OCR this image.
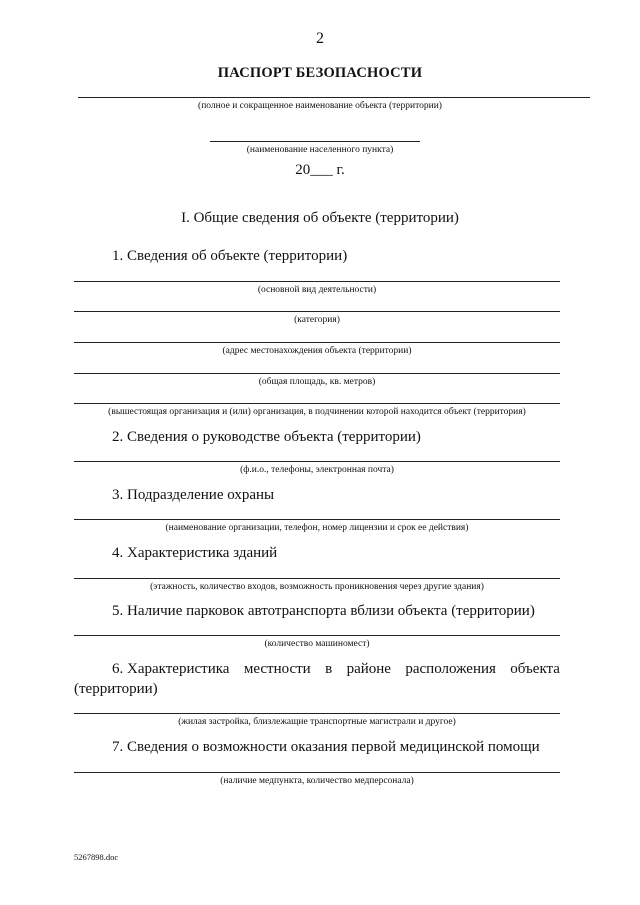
2
ПАСПОРТ БЕЗОПАСНОСТИ
(полное и сокращенное наименование объекта (территории)
(наименование населенного пункта)
20___ г.
I. Общие сведения об объекте (территории)
1. Сведения об объекте (территории)
(основной вид деятельности)
(категория)
(адрес местонахождения объекта (территории)
(общая площадь, кв. метров)
(вышестоящая организация и (или) организация, в подчинении которой находится объект (территория)
2. Сведения о руководстве объекта (территории)
(ф.и.о., телефоны, электронная почта)
3. Подразделение охраны
(наименование организации, телефон, номер лицензии и срок ее действия)
4. Характеристика зданий
(этажность, количество входов, возможность проникновения через другие здания)
5. Наличие парковок автотранспорта вблизи объекта (территории)
(количество машиномест)
6. Характеристика местности в районе расположения объекта
(территории)
(жилая застройка, близлежащие транспортные магистрали и другое)
7. Сведения о возможности оказания первой медицинской помощи
(наличие медпункта, количество медперсонала)
5267898.doc
